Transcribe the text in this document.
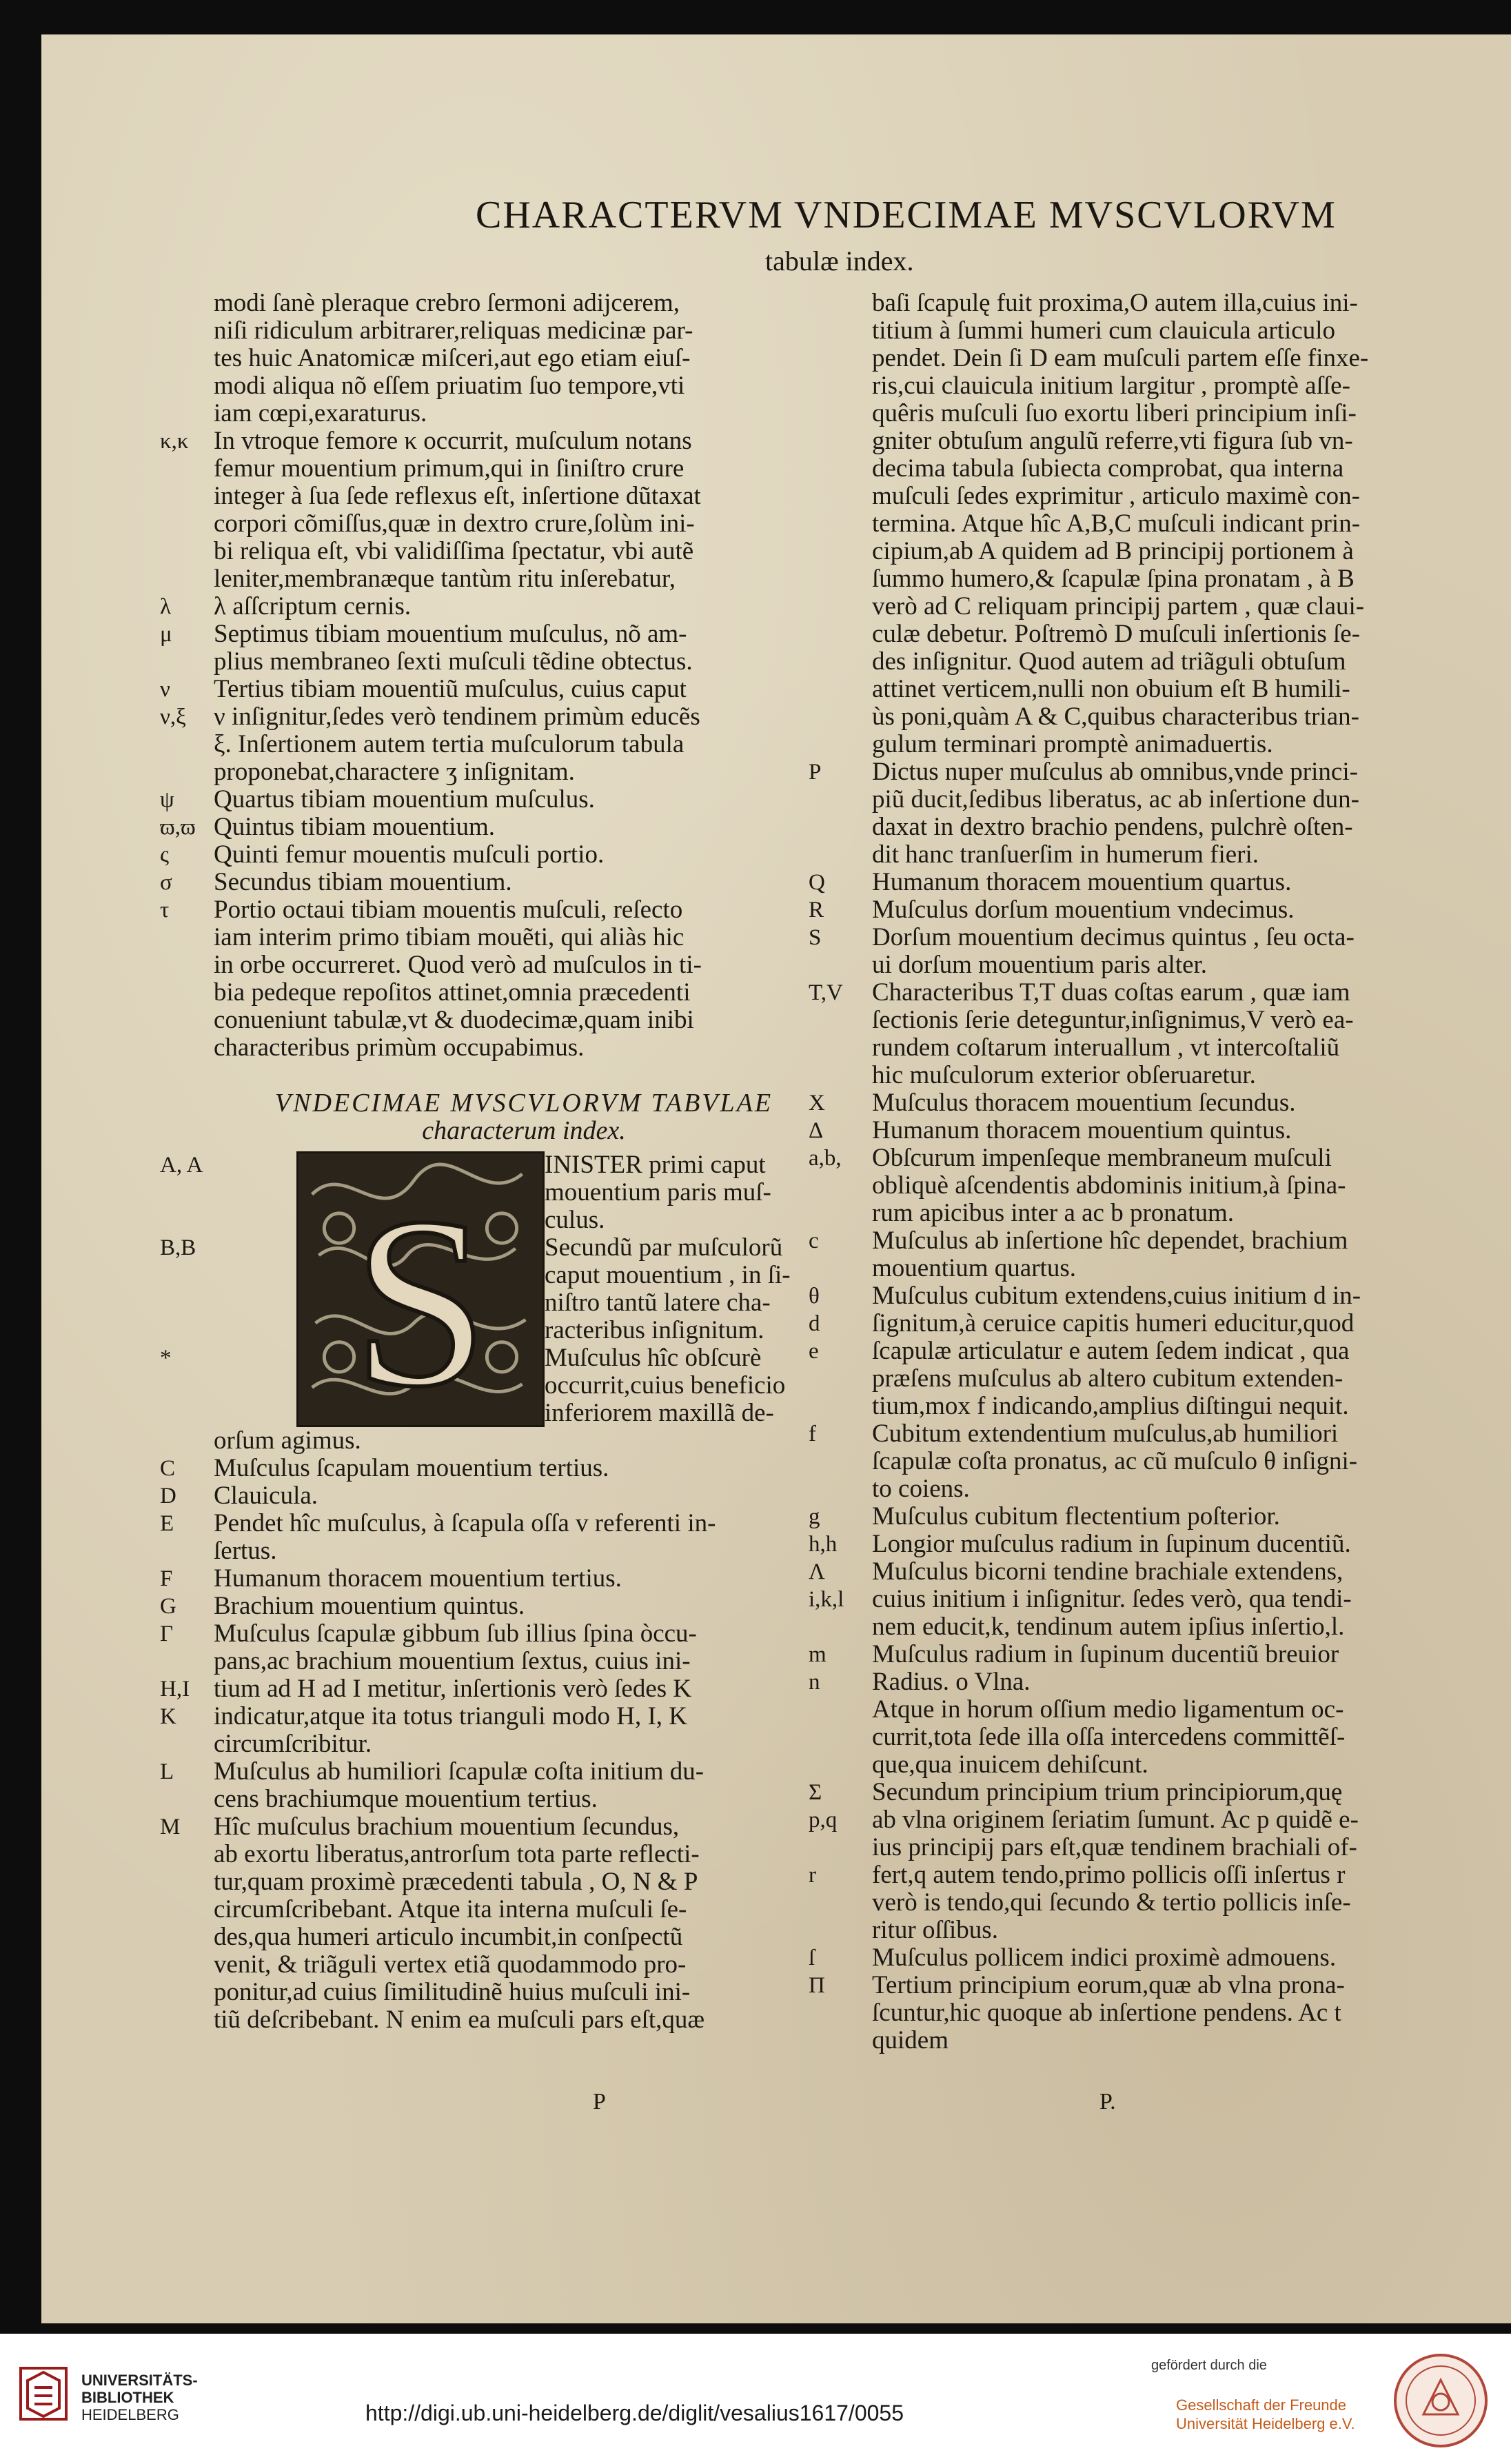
CHARACTERVM VNDECIMAE MVSCVLORVM
tabulæ index.
modi ſanè pleraque crebro ſermoni adijcerem,
niſi ridiculum arbitrarer,reliquas medicinæ par-
tes huic Anatomicæ miſceri,aut ego etiam eiuſ-
modi aliqua nõ eſſem priuatim ſuo tempore,vti
iam cœpi,exaraturus.
κ,κ In vtroque femore κ occurrit, muſculum notans
femur mouentium primum,qui in ſiniſtro crure
integer à ſua ſede reflexus eſt, inſertione dũtaxat
corpori cõmiſſus,quæ in dextro crure,ſolùm ini-
bi reliqua eſt, vbi validiſſima ſpectatur, vbi autẽ
leniter,membranæque tantùm ritu inſerebatur,
λ λ aſſcriptum cernis.
μ Septimus tibiam mouentium muſculus, nõ am-
plius membraneo ſexti muſculi tẽdine obtectus.
ν Tertius tibiam mouentiũ muſculus, cuius caput
ν,ξ ν inſignitur,ſedes verò tendinem primùm educẽs
ξ. Inſertionem autem tertia muſculorum tabula
proponebat,charactere ʒ inſignitam.
ψ Quartus tibiam mouentium muſculus.
ϖ,ϖ Quintus tibiam mouentium.
ς Quinti femur mouentis muſculi portio.
σ Secundus tibiam mouentium.
τ Portio octaui tibiam mouentis muſculi, reſecto
iam interim primo tibiam mouẽti, qui aliàs hic
in orbe occurreret. Quod verò ad muſculos in ti-
bia pedeque repoſitos attinet,omnia præcedenti
conueniunt tabulæ,vt & duodecimæ,quam inibi
characteribus primùm occupabimus.
VNDECIMAE MVSCVLORVM TABVLAE
characterum index.
S
A, A	INISTER primi caput
mouentium paris muſ-
culus.
B,B	Secundũ par muſculorũ
caput mouentium , in ſi-
niſtro tantũ latere cha-
racteribus inſignitum.
*	Muſculus hîc obſcurè
occurrit,cuius beneficio
inferiorem maxillã de-
orſum agimus.
C Muſculus ſcapulam mouentium tertius.
D Clauicula.
E Pendet hîc muſculus, à ſcapula oſſa v referenti in-
ſertus.
F Humanum thoracem mouentium tertius.
G Brachium mouentium quintus.
Γ Muſculus ſcapulæ gibbum ſub illius ſpina òccu-
pans,ac brachium mouentium ſextus, cuius ini-
H,I tium ad H ad I metitur, inſertionis verò ſedes K
K indicatur,atque ita totus trianguli modo H, I, K
circumſcribitur.
L Muſculus ab humiliori ſcapulæ coſta initium du-
cens brachiumque mouentium tertius.
M Hîc muſculus brachium mouentium ſecundus,
ab exortu liberatus,antrorſum tota parte reflecti-
tur,quam proximè præcedenti tabula , O, N & P
circumſcribebant. Atque ita interna muſculi ſe-
des,qua humeri articulo incumbit,in conſpectũ
venit, & triãguli vertex etiã quodammodo pro-
ponitur,ad cuius ſimilitudinẽ huius muſculi ini-
tiũ deſcribebant. N enim ea muſculi pars eſt,quæ
baſi ſcapulę fuit proxima,O autem illa,cuius ini-
titium à ſummi humeri cum clauicula articulo
pendet. Dein ſi D eam muſculi partem eſſe finxe-
ris,cui clauicula initium largitur , promptè aſſe-
quêris muſculi ſuo exortu liberi principium inſi-
gniter obtuſum angulũ referre,vti figura ſub vn-
decima tabula ſubiecta comprobat, qua interna
muſculi ſedes exprimitur , articulo maximè con-
termina. Atque hîc A,B,C muſculi indicant prin-
cipium,ab A quidem ad B principij portionem à
ſummo humero,& ſcapulæ ſpina pronatam , à B
verò ad C reliquam principij partem , quæ claui-
culæ debetur. Poſtremò D muſculi inſertionis ſe-
des inſignitur. Quod autem ad triãguli obtuſum
attinet verticem,nulli non obuium eſt B humili-
ùs poni,quàm A & C,quibus characteribus trian-
gulum terminari promptè animaduertis.
P Dictus nuper muſculus ab omnibus,vnde princi-
piũ ducit,ſedibus liberatus, ac ab inſertione dun-
daxat in dextro brachio pendens, pulchrè oſten-
dit hanc tranſuerſim in humerum fieri.
Q Humanum thoracem mouentium quartus.
R Muſculus dorſum mouentium vndecimus.
S Dorſum mouentium decimus quintus , ſeu octa-
ui dorſum mouentium paris alter.
T,V Characteribus T,T duas coſtas earum , quæ iam
ſectionis ſerie deteguntur,inſignimus,V verò ea-
rundem coſtarum interuallum , vt intercoſtaliũ
hic muſculorum exterior obſeruaretur.
X Muſculus thoracem mouentium ſecundus.
Δ Humanum thoracem mouentium quintus.
a,b, Obſcurum impenſeque membraneum muſculi
obliquè aſcendentis abdominis initium,à ſpina-
rum apicibus inter a ac b pronatum.
c Muſculus ab inſertione hîc dependet, brachium
mouentium quartus.
θ Muſculus cubitum extendens,cuius initium d in-
d ſignitum,à ceruice capitis humeri educitur,quod
e ſcapulæ articulatur e autem ſedem indicat , qua
præſens muſculus ab altero cubitum extenden-
tium,mox f indicando,amplius diſtingui nequit.
f Cubitum extendentium muſculus,ab humiliori
ſcapulæ coſta pronatus, ac cũ muſculo θ inſigni-
to coiens.
g Muſculus cubitum flectentium poſterior.
h,h Longior muſculus radium in ſupinum ducentiũ.
Λ Muſculus bicorni tendine brachiale extendens,
i,k,l cuius initium i inſignitur. ſedes verò, qua tendi-
nem educit,k, tendinum autem ipſius inſertio,l.
m Muſculus radium in ſupinum ducentiũ breuior
n Radius. o Vlna.
Atque in horum oſſium medio ligamentum oc-
currit,tota ſede illa oſſa intercedens committẽſ-
que,qua inuicem dehiſcunt.
Σ Secundum principium trium principiorum,quę
p,q ab vlna originem ſeriatim ſumunt. Ac p quidẽ e-
ius principij pars eſt,quæ tendinem brachiali of-
r fert,q autem tendo,primo pollicis oſſi inſertus r
verò is tendo,qui ſecundo & tertio pollicis inſe-
ritur oſſibus.
ſ Muſculus pollicem indici proximè admouens.
Π Tertium principium eorum,quæ ab vlna prona-
ſcuntur,hic quoque ab inſertione pendens. Ac t
quidem
P	P.
UNIVERSITÄTS-
BIBLIOTHEK
HEIDELBERG	http://digi.ub.uni-heidelberg.de/diglit/vesalius1617/0055
gefördert durch die
Gesellschaft der Freunde
Universität Heidelberg e.V.
